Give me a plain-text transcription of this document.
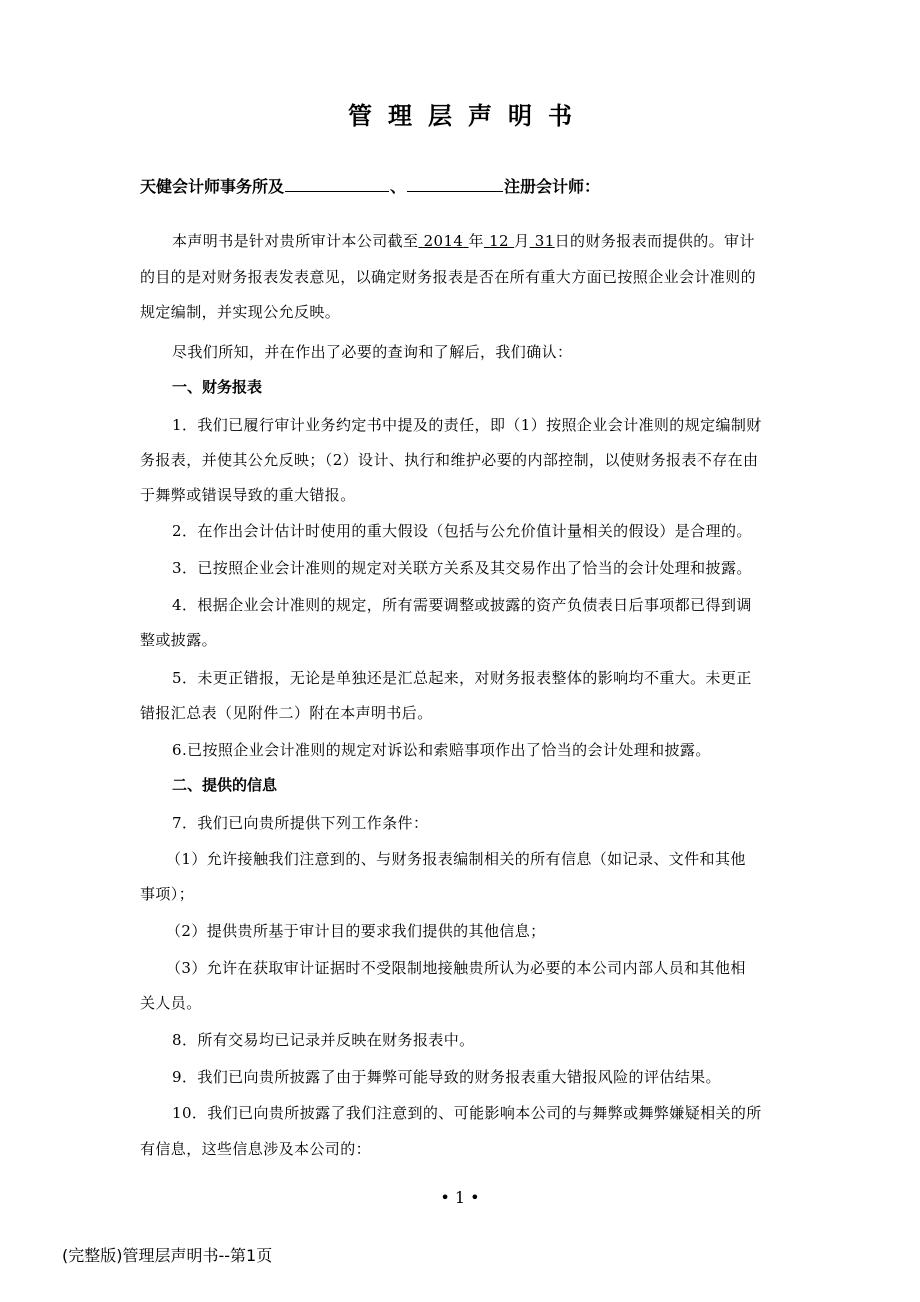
管理层声明书
天健会计师事务所及	、	注册会计师：
本声明书是针对贵所审计本公司截至 2014 年 12 月 31日的财务报表而提供的。审计
的目的是对财务报表发表意见，以确定财务报表是否在所有重大方面已按照企业会计准则的
规定编制，并实现公允反映。
尽我们所知，并在作出了必要的查询和了解后，我们确认：
一、财务报表
1．我们已履行审计业务约定书中提及的责任，即（1）按照企业会计准则的规定编制财
务报表，并使其公允反映；（2）设计、执行和维护必要的内部控制，以使财务报表不存在由
于舞弊或错误导致的重大错报。
2．在作出会计估计时使用的重大假设（包括与公允价值计量相关的假设）是合理的。
3．已按照企业会计准则的规定对关联方关系及其交易作出了恰当的会计处理和披露。
4．根据企业会计准则的规定，所有需要调整或披露的资产负债表日后事项都已得到调
整或披露。
5．未更正错报，无论是单独还是汇总起来，对财务报表整体的影响均不重大。未更正
错报汇总表（见附件二）附在本声明书后。
6.已按照企业会计准则的规定对诉讼和索赔事项作出了恰当的会计处理和披露。
二、提供的信息
7．我们已向贵所提供下列工作条件：
（1）允许接触我们注意到的、与财务报表编制相关的所有信息（如记录、文件和其他
事项）；
（2）提供贵所基于审计目的要求我们提供的其他信息；
（3）允许在获取审计证据时不受限制地接触贵所认为必要的本公司内部人员和其他相
关人员。
8．所有交易均已记录并反映在财务报表中。
9．我们已向贵所披露了由于舞弊可能导致的财务报表重大错报风险的评估结果。
10．我们已向贵所披露了我们注意到的、可能影响本公司的与舞弊或舞弊嫌疑相关的所
有信息，这些信息涉及本公司的：
• 1 •
(完整版)管理层声明书--第1页
